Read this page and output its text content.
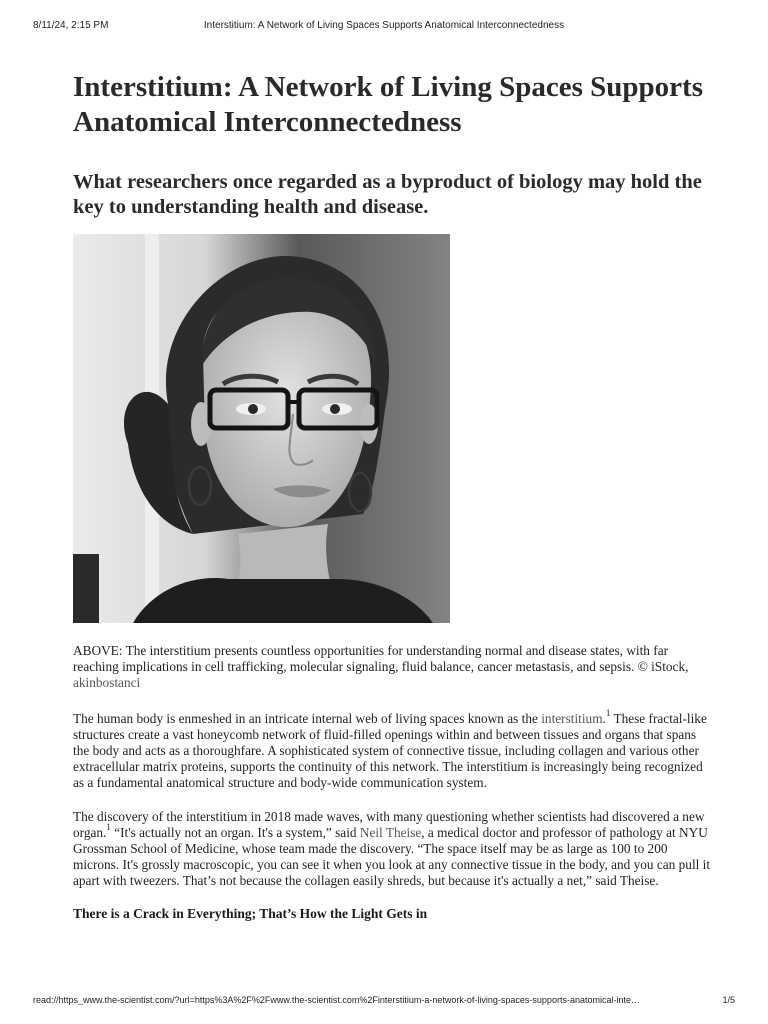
8/11/24, 2:15 PM	Interstitium: A Network of Living Spaces Supports Anatomical Interconnectedness
Interstitium: A Network of Living Spaces Supports Anatomical Interconnectedness
What researchers once regarded as a byproduct of biology may hold the key to understanding health and disease.
ABOVE: The interstitium presents countless opportunities for understanding normal and disease states, with far reaching implications in cell trafficking, molecular signaling, fluid balance, cancer metastasis, and sepsis. © iStock, akinbostanci

The human body is enmeshed in an intricate internal web of living spaces known as the interstitium.$^1$ These fractal-like structures create a vast honeycomb network of fluid-filled openings within and between tissues and organs that spans the body and acts as a thoroughfare. A sophisticated system of connective tissue, including collagen and various other extracellular matrix proteins, supports the continuity of this network. The interstitium is increasingly being recognized as a fundamental anatomical structure and body-wide communication system.

The discovery of the interstitium in 2018 made waves, with many questioning whether scientists had discovered a new organ.$^1$ “It's actually not an organ. It's a system,” said Neil Theise, a medical doctor and professor of pathology at NYU Grossman School of Medicine, whose team made the discovery. “The space itself may be as large as 100 to 200 microns. It's grossly macroscopic, you can see it when you look at any connective tissue in the body, and you can pull it apart with tweezers. That’s not because the collagen easily shreds, but because it's actually a net,” said Theise.

There is a Crack in Everything; That’s How the Light Gets in
read://https_www.the-scientist.com/?url=https%3A%2F%2Fwww.the-scientist.com%2Finterstitium-a-network-of-living-spaces-supports-anatomical-inte…	1/5
